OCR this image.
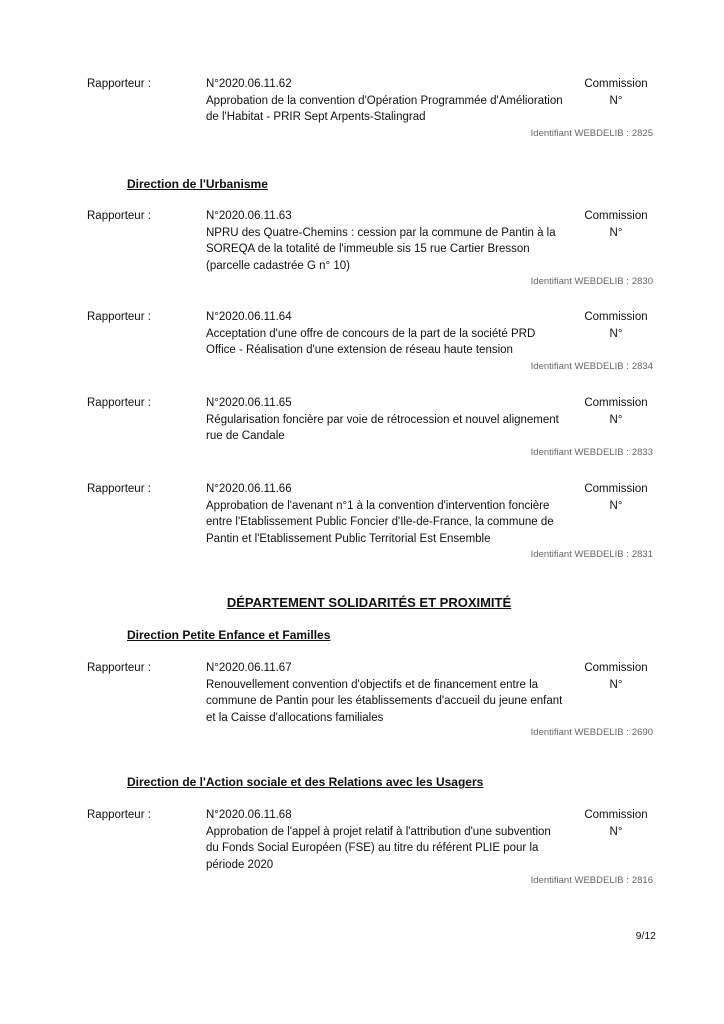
Rapporteur :	N°2020.06.11.62
Approbation de la convention d'Opération Programmée d'Amélioration
de l'Habitat - PRIR Sept Arpents-Stalingrad
Commission
N°
Identifiant WEBDELIB : 2825
Direction de l'Urbanisme
Rapporteur :	N°2020.06.11.63
NPRU des Quatre-Chemins : cession par la commune de Pantin à la
SOREQA de la totalité de l'immeuble sis 15 rue Cartier Bresson
(parcelle cadastrée G n° 10)
Commission
N°
Identifiant WEBDELIB : 2830
Rapporteur :	N°2020.06.11.64
Acceptation d'une offre de concours de la part de la société PRD
Office - Réalisation d'une extension de réseau haute tension
Commission
N°
Identifiant WEBDELIB : 2834
Rapporteur :	N°2020.06.11.65
Régularisation foncière par voie de rétrocession et nouvel alignement
rue de Candale
Commission
N°
Identifiant WEBDELIB : 2833
Rapporteur :	N°2020.06.11.66
Approbation de l'avenant n°1 à la convention d'intervention foncière
entre l'Etablissement Public Foncier d'Ile-de-France, la commune de
Pantin et l'Etablissement Public Territorial Est Ensemble
Commission
N°
Identifiant WEBDELIB : 2831
DÉPARTEMENT SOLIDARITÉS ET PROXIMITÉ
Direction Petite Enfance et Familles
Rapporteur :	N°2020.06.11.67
Renouvellement convention d'objectifs et de financement entre la
commune de Pantin pour les établissements d'accueil du jeune enfant
et la Caisse d'allocations familiales
Commission
N°
Identifiant WEBDELIB : 2690
Direction de l'Action sociale et des Relations avec les Usagers
Rapporteur :	N°2020.06.11.68
Approbation de l'appel à projet relatif à l'attribution d'une subvention
du Fonds Social Européen (FSE) au titre du référent PLIE pour la
période 2020
Commission
N°
Identifiant WEBDELIB : 2816
9/12
